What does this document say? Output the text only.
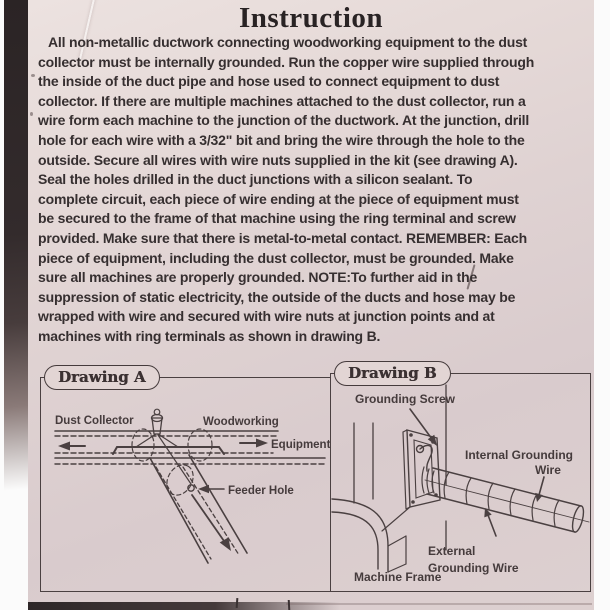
Instruction
All non-metallic ductwork connecting woodworking equipment to the dust
collector must be internally grounded. Run the copper wire supplied through
the inside of the duct pipe and hose used to connect equipment to dust
collector. If there are multiple machines attached to the dust collector, run a
wire form each machine to the junction of the ductwork. At the junction, drill
hole for each wire with a 3/32" bit and bring the wire through the hole to the
outside. Secure all wires with wire nuts supplied in the kit (see drawing A).
Seal the holes drilled in the duct junctions with a silicon sealant. To
complete circuit, each piece of wire ending at the piece of equipment must
be secured to the frame of that machine using the ring terminal and screw
provided. Make sure that there is metal-to-metal contact. REMEMBER: Each
piece of equipment, including the dust collector, must be grounded. Make
sure all machines are properly grounded. NOTE:To further aid in the
suppression of static electricity, the outside of the ducts and hose may be
wrapped with wire and secured with wire nuts at junction points and at
machines with ring terminals as shown in drawing B.
Drawing A
Dust Collector	Woodworking
Equipment
Feeder Hole
Drawing B
Grounding Screw
Internal Grounding
Wire
External
Grounding Wire
Machine Frame
